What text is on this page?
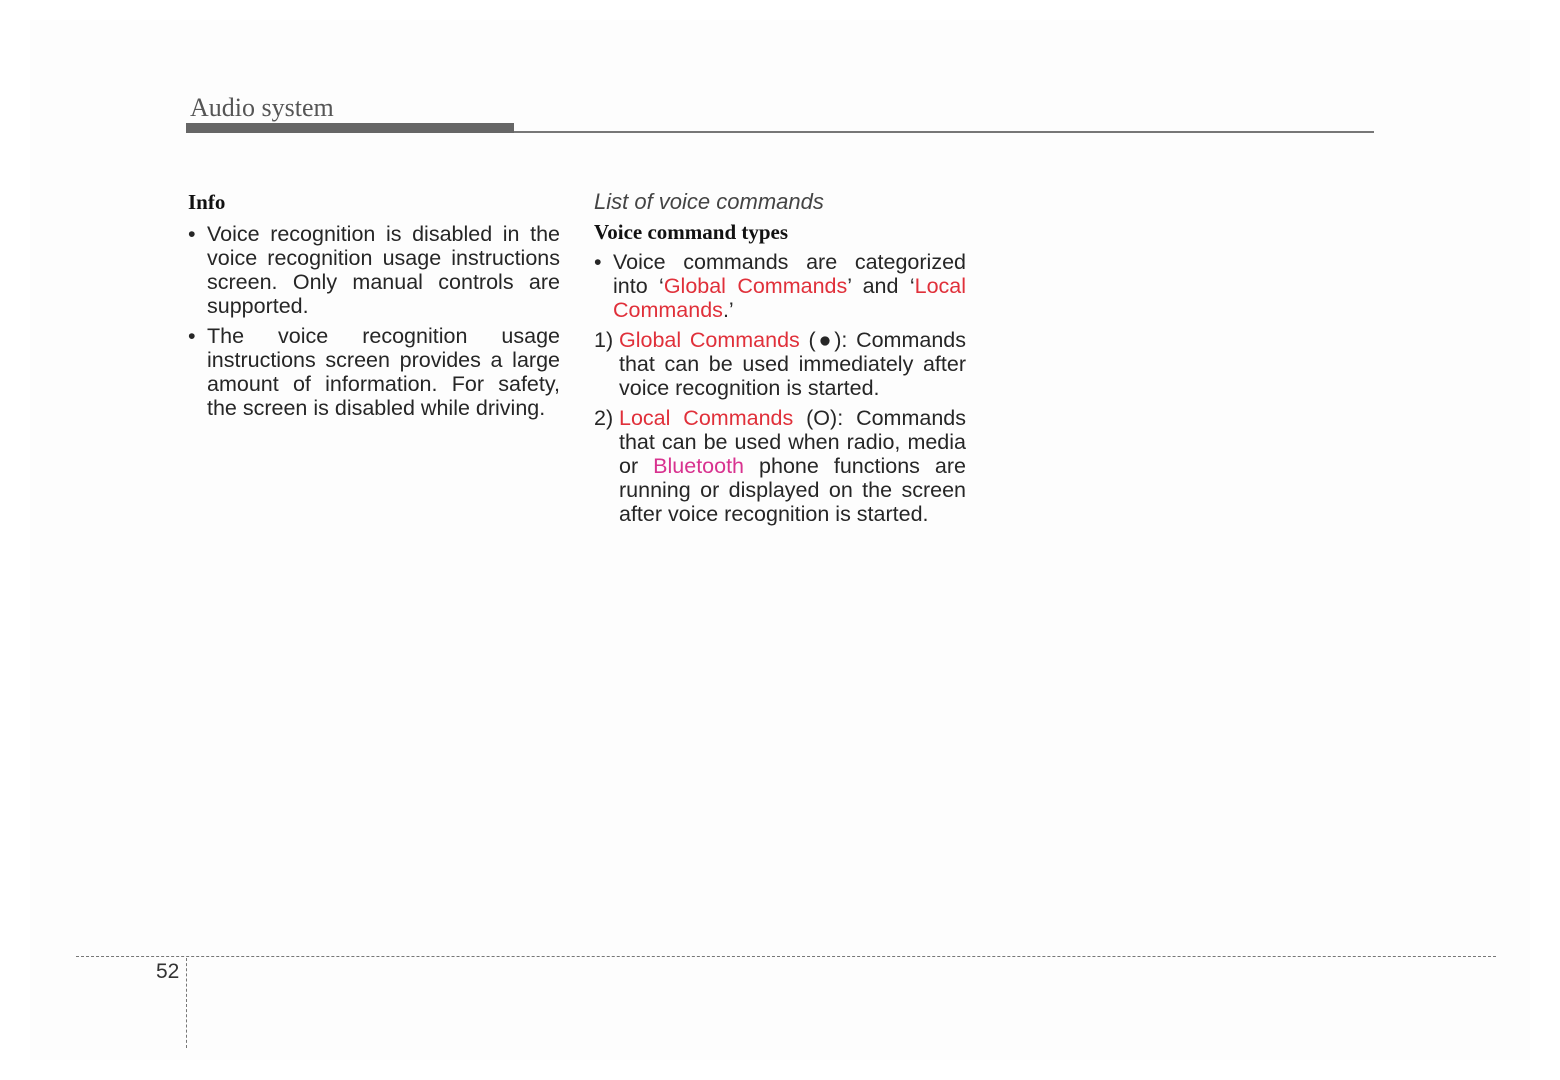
Audio system
Info
• Voice recognition is disabled in the voice recognition usage instructions screen. Only manual controls are supported.
• The voice recognition usage instructions screen provides a large amount of information. For safety, the screen is disabled while driving.
List of voice commands
Voice command types
• Voice commands are categorized into ‘Global Commands’ and ‘Local Commands.’
1) Global Commands (●): Commands that can be used immediately after voice recognition is started.
2) Local Commands (O): Commands that can be used when radio, media or Bluetooth phone functions are running or displayed on the screen after voice recognition is started.
52
